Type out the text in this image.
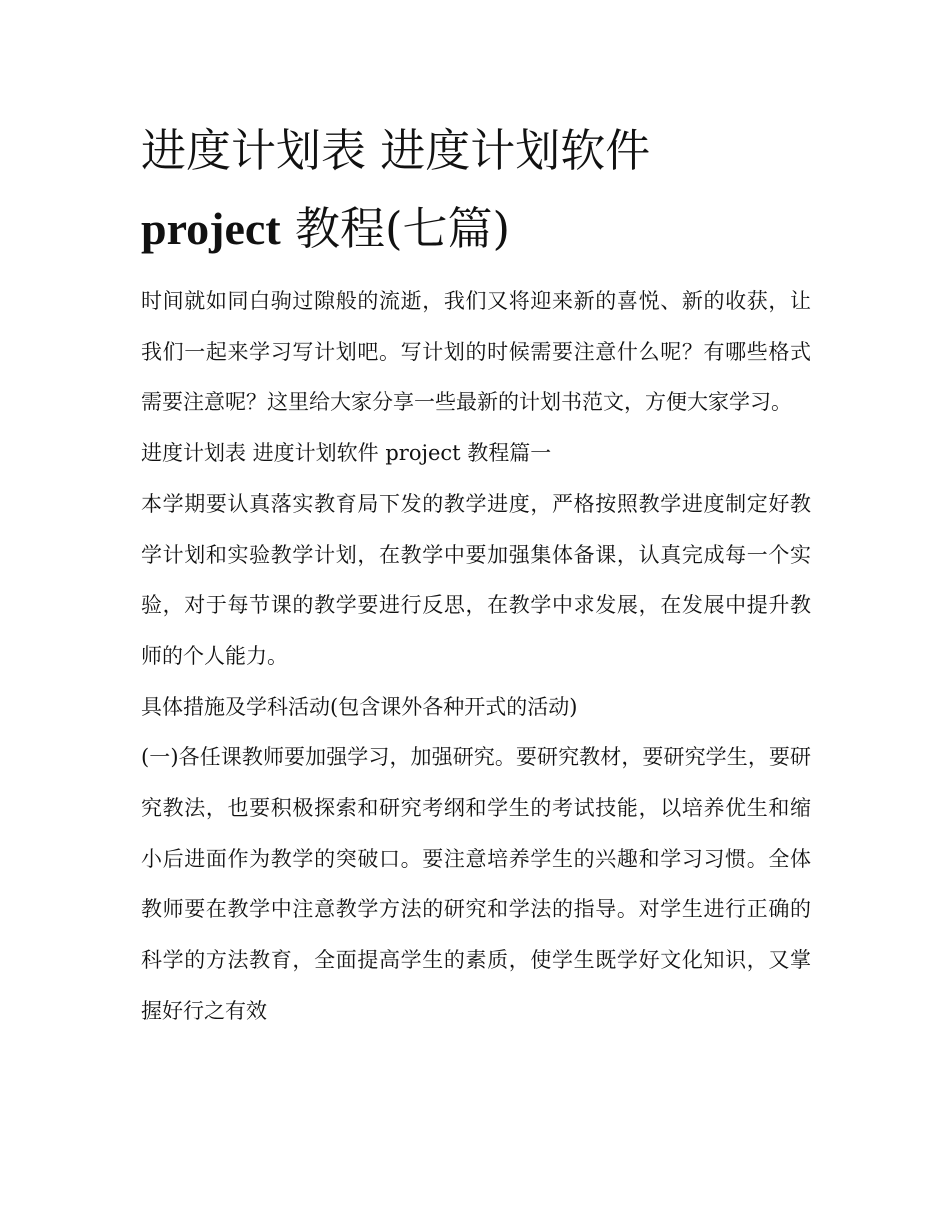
进度计划表 进度计划软件
project 教程(七篇)

时间就如同白驹过隙般的流逝，我们又将迎来新的喜悦、新的收获，让我们一起来学习写计划吧。写计划的时候需要注意什么呢？有哪些格式需要注意呢？这里给大家分享一些最新的计划书范文，方便大家学习。

进度计划表 进度计划软件 project 教程篇一

本学期要认真落实教育局下发的教学进度，严格按照教学进度制定好教学计划和实验教学计划，在教学中要加强集体备课，认真完成每一个实验，对于每节课的教学要进行反思，在教学中求发展，在发展中提升教师的个人能力。

具体措施及学科活动(包含课外各种开式的活动)

(一)各任课教师要加强学习，加强研究。要研究教材，要研究学生，要研究教法，也要积极探索和研究考纲和学生的考试技能，以培养优生和缩小后进面作为教学的突破口。要注意培养学生的兴趣和学习习惯。全体教师要在教学中注意教学方法的研究和学法的指导。对学生进行正确的科学的方法教育，全面提高学生的素质，使学生既学好文化知识，又掌握好行之有效
